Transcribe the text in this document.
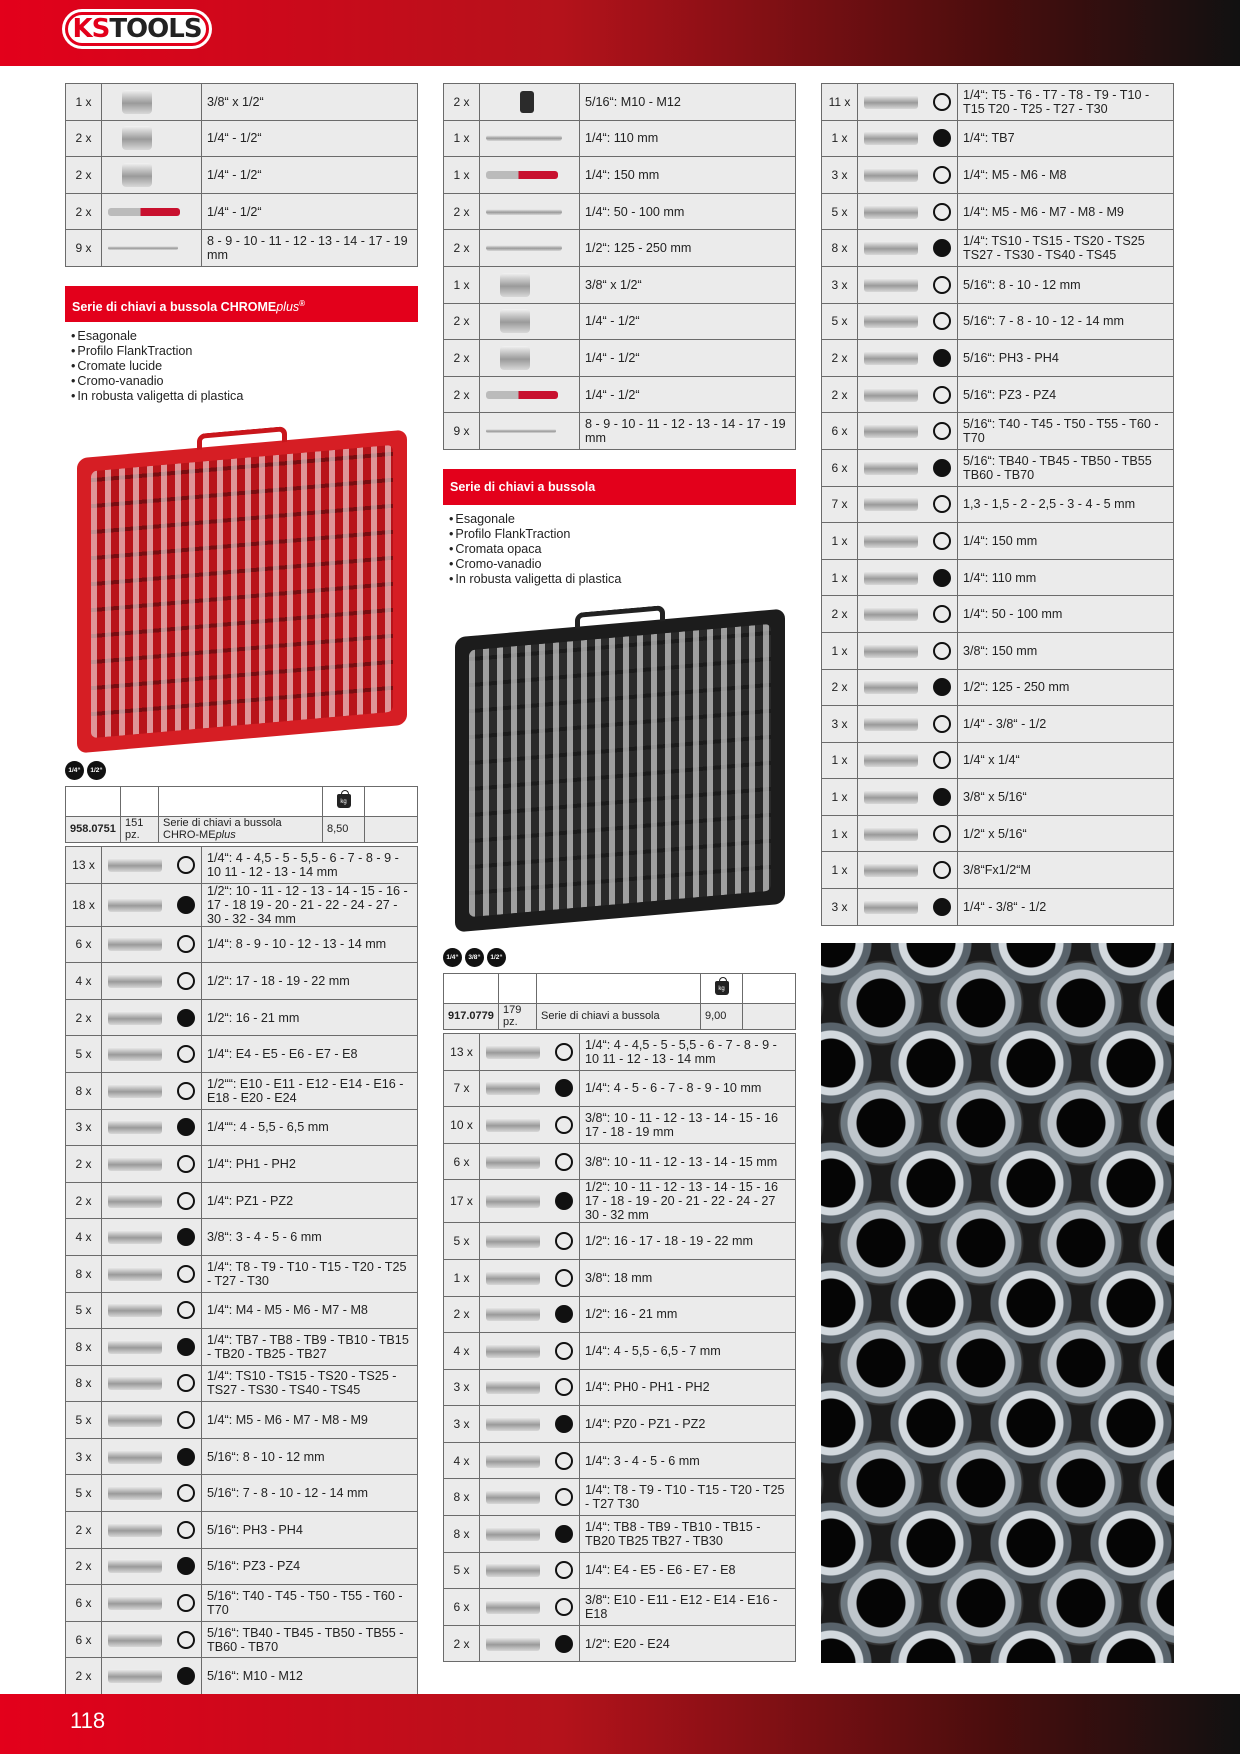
KSTOOLS
1 x		3/8“ x 1/2“
2 x		1/4“ - 1/2“
2 x		1/4“ - 1/2“
2 x		1/4“ - 1/2“
9 x		8 - 9 - 10 - 11 - 12 - 13 - 14 - 17 - 19 mm
Serie di chiavi a bussola CHROMEplus®
• Esagonale
• Profilo FlankTraction
• Cromate lucide
• Cromo-vanadio
• In robusta valigetta di plastica
1/4“	1/2“

			kg	

958.0751	151 pz.	Serie di chiavi a bussola CHRO-MEplus	8,50	
13 x		1/4“: 4 - 4,5 - 5 - 5,5 - 6 - 7 - 8 - 9 - 10 11 - 12 - 13 - 14 mm
18 x		1/2“: 10 - 11 - 12 - 13 - 14 - 15 - 16 - 17 - 18 19 - 20 - 21 - 22 - 24 - 27 - 30 - 32 - 34 mm
6 x		1/4“: 8 - 9 - 10 - 12 - 13 - 14 mm
4 x		1/2“: 17 - 18 - 19 - 22 mm
2 x		1/2“: 16 - 21 mm
5 x		1/4“: E4 - E5 - E6 - E7 - E8
8 x		1/2““: E10 - E11 - E12 - E14 - E16 - E18 - E20 - E24
3 x		1/4““: 4 - 5,5 - 6,5 mm
2 x		1/4“: PH1 - PH2
2 x		1/4“: PZ1 - PZ2
4 x		3/8“: 3 - 4 - 5 - 6 mm
8 x		1/4“: T8 - T9 - T10 - T15 - T20 - T25 - T27 - T30
5 x		1/4“: M4 - M5 - M6 - M7 - M8
8 x		1/4“: TB7 - TB8 - TB9 - TB10 - TB15 - TB20 - TB25 - TB27
8 x		1/4“: TS10 - TS15 - TS20 - TS25 - TS27 - TS30 - TS40 - TS45
5 x		1/4“: M5 - M6 - M7 - M8 - M9
3 x		5/16“: 8 - 10 - 12 mm
5 x		5/16“: 7 - 8 - 10 - 12 - 14 mm
2 x		5/16“: PH3 - PH4
2 x		5/16“: PZ3 - PZ4
6 x		5/16“: T40 - T45 - T50 - T55 - T60 - T70
6 x		5/16“: TB40 - TB45 - TB50 - TB55 - TB60 - TB70
2 x		5/16“: M10 - M12
2 x		5/16“: M10 - M12
1 x		1/4“: 110 mm
1 x		1/4“: 150 mm
2 x		1/4“: 50 - 100 mm
2 x		1/2“: 125 - 250 mm
1 x		3/8“ x 1/2“
2 x		1/4“ - 1/2“
2 x		1/4“ - 1/2“
2 x		1/4“ - 1/2“
9 x		8 - 9 - 10 - 11 - 12 - 13 - 14 - 17 - 19 mm
Serie di chiavi a bussola
• Esagonale
• Profilo FlankTraction
• Cromata opaca
• Cromo-vanadio
• In robusta valigetta di plastica
1/4“	3/8“	1/2“

			kg	

917.0779	179 pz.	Serie di chiavi a bussola	9,00	
13 x		1/4“: 4 - 4,5 - 5 - 5,5 - 6 - 7 - 8 - 9 - 10 11 - 12 - 13 - 14 mm
7 x		1/4“: 4 - 5 - 6 - 7 - 8 - 9 - 10 mm
10 x		3/8“: 10 - 11 - 12 - 13 - 14 - 15 - 16 17 - 18 - 19 mm
6 x		3/8“: 10 - 11 - 12 - 13 - 14 - 15 mm
17 x		1/2“: 10 - 11 - 12 - 13 - 14 - 15 - 16 17 - 18 - 19 - 20 - 21 - 22 - 24 - 27 30 - 32 mm
5 x		1/2“: 16 - 17 - 18 - 19 - 22 mm
1 x		3/8“: 18 mm
2 x		1/2“: 16 - 21 mm
4 x		1/4“: 4 - 5,5 - 6,5 - 7 mm
3 x		1/4“: PH0 - PH1 - PH2
3 x		1/4“: PZ0 - PZ1 - PZ2
4 x		1/4“: 3 - 4 - 5 - 6 mm
8 x		1/4“: T8 - T9 - T10 - T15 - T20 - T25 - T27 T30
8 x		1/4“: TB8 - TB9 - TB10 - TB15 - TB20 TB25 TB27 - TB30
5 x		1/4“: E4 - E5 - E6 - E7 - E8
6 x		3/8“: E10 - E11 - E12 - E14 - E16 - E18
2 x		1/2“: E20 - E24
11 x		1/4“: T5 - T6 - T7 - T8 - T9 - T10 - T15 T20 - T25 - T27 - T30
1 x		1/4“: TB7
3 x		1/4“: M5 - M6 - M8
5 x		1/4“: M5 - M6 - M7 - M8 - M9
8 x		1/4“: TS10 - TS15 - TS20 - TS25 TS27 - TS30 - TS40 - TS45
3 x		5/16“: 8 - 10 - 12 mm
5 x		5/16“: 7 - 8 - 10 - 12 - 14 mm
2 x		5/16“: PH3 - PH4
2 x		5/16“: PZ3 - PZ4
6 x		5/16“: T40 - T45 - T50 - T55 - T60 - T70
6 x		5/16“: TB40 - TB45 - TB50 - TB55 TB60 - TB70
7 x		1,3 - 1,5 - 2 - 2,5 - 3 - 4 - 5 mm
1 x		1/4“: 150 mm
1 x		1/4“: 110 mm
2 x		1/4“: 50 - 100 mm
1 x		3/8“: 150 mm
2 x		1/2“: 125 - 250 mm
3 x		1/4“ - 3/8“ - 1/2
1 x		1/4“ x 1/4“
1 x		3/8“ x 5/16“
1 x		1/2“ x 5/16“
1 x		3/8“Fx1/2“M
3 x		1/4“ - 3/8“ - 1/2
118
